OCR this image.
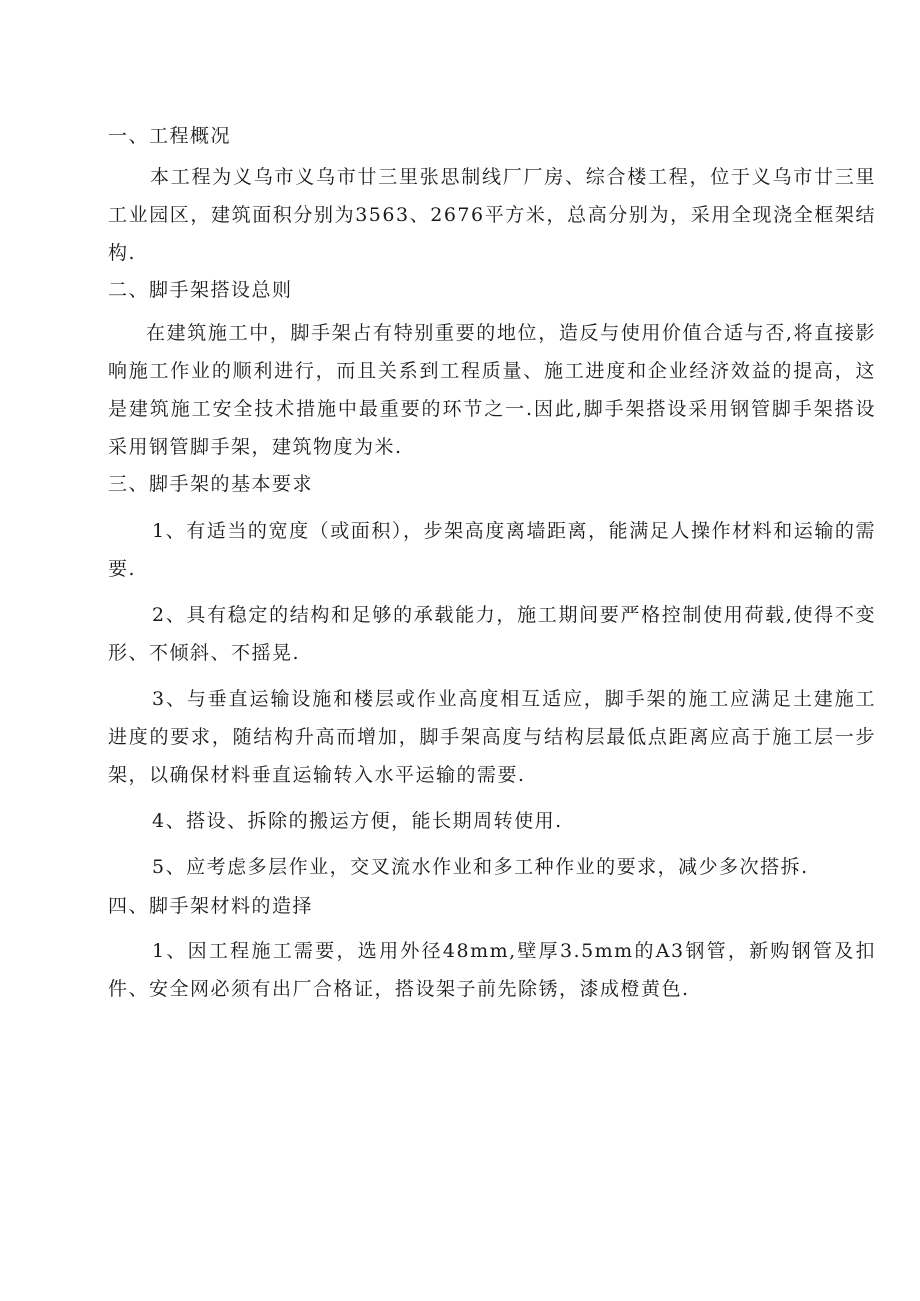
一、工程概况

本工程为义乌市义乌市廿三里张思制线厂厂房、综合楼工程，位于义乌市廿三里工业园区，建筑面积分别为3563、2676平方米，总高分别为，采用全现浇全框架结构.

二、脚手架搭设总则

在建筑施工中，脚手架占有特别重要的地位，造反与使用价值合适与否,将直接影响施工作业的顺利进行，而且关系到工程质量、施工进度和企业经济效益的提高，这是建筑施工安全技术措施中最重要的环节之一.因此,脚手架搭设采用钢管脚手架搭设采用钢管脚手架，建筑物度为米.

三、脚手架的基本要求

1、有适当的宽度（或面积），步架高度离墙距离，能满足人操作材料和运输的需要.

2、具有稳定的结构和足够的承载能力，施工期间要严格控制使用荷载,使得不变形、不倾斜、不摇晃.

3、与垂直运输设施和楼层或作业高度相互适应，脚手架的施工应满足土建施工进度的要求，随结构升高而增加，脚手架高度与结构层最低点距离应高于施工层一步架，以确保材料垂直运输转入水平运输的需要.

4、搭设、拆除的搬运方便，能长期周转使用.

5、应考虑多层作业，交叉流水作业和多工种作业的要求，减少多次搭拆.

四、脚手架材料的造择

1、因工程施工需要，选用外径48mm,壁厚3.5mm的A3钢管，新购钢管及扣件、安全网必须有出厂合格证，搭设架子前先除锈，漆成橙黄色.
